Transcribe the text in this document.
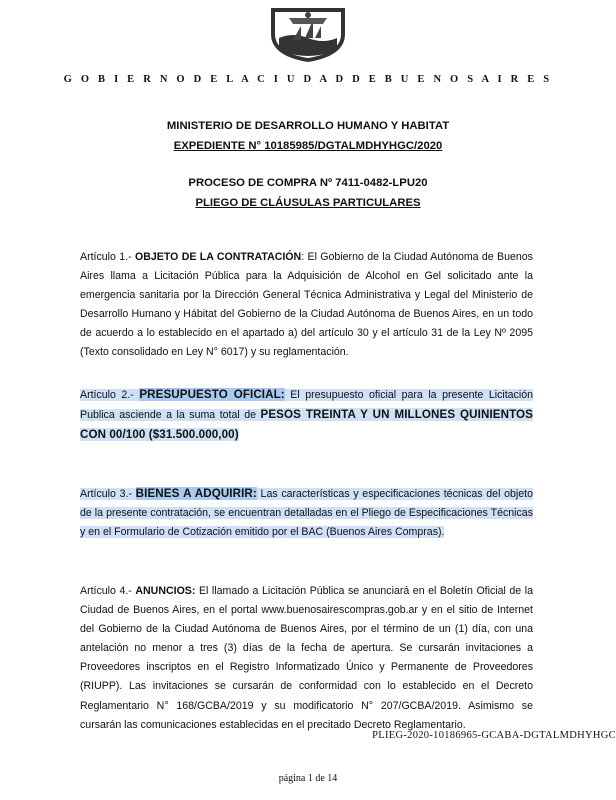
G O B I E R N O D E L A C I U D A D D E B U E N O S A I R E S
MINISTERIO DE DESARROLLO HUMANO Y HABITAT
EXPEDIENTE N° 10185985/DGTALMDHYHGC/2020
PROCESO DE COMPRA Nº 7411-0482-LPU20
PLIEGO DE CLÁUSULAS PARTICULARES
Artículo 1.- OBJETO DE LA CONTRATACIÓN: El Gobierno de la Ciudad Autónoma de Buenos Aires llama a Licitación Pública para la Adquisición de Alcohol en Gel solicitado ante la emergencia sanitaria por la Dirección General Técnica Administrativa y Legal del Ministerio de Desarrollo Humano y Hábitat del Gobierno de la Ciudad Autónoma de Buenos Aires, en un todo de acuerdo a lo establecido en el apartado a) del artículo 30 y el artículo 31 de la Ley Nº 2095 (Texto consolidado en Ley N° 6017) y su reglamentación.
Artículo 2.- PRESUPUESTO OFICIAL: El presupuesto oficial para la presente Licitación Publica asciende a la suma total de PESOS TREINTA Y UN MILLONES QUINIENTOS CON 00/100 ($31.500.000,00)
Artículo 3.- BIENES A ADQUIRIR: Las características y especificaciones técnicas del objeto de la presente contratación, se encuentran detalladas en el Pliego de Especificaciones Técnicas y en el Formulario de Cotización emitido por el BAC (Buenos Aires Compras).
Artículo 4.- ANUNCIOS: El llamado a Licitación Pública se anunciará en el Boletín Oficial de la Ciudad de Buenos Aires, en el portal www.buenosairescompras.gob.ar y en el sitio de Internet del Gobierno de la Ciudad Autónoma de Buenos Aires, por el término de un (1) día, con una antelación no menor a tres (3) días de la fecha de apertura. Se cursarán invitaciones a Proveedores inscriptos en el Registro Informatizado Único y Permanente de Proveedores (RIUPP). Las invitaciones se cursarán de conformidad con lo establecido en el Decreto Reglamentario N° 168/GCBA/2019 y su modificatorio N° 207/GCBA/2019. Asimismo se cursarán las comunicaciones establecidas en el precitado Decreto Reglamentario.
PLIEG-2020-10186965-GCABA-DGTALMDHYHGC
página 1 de 14
